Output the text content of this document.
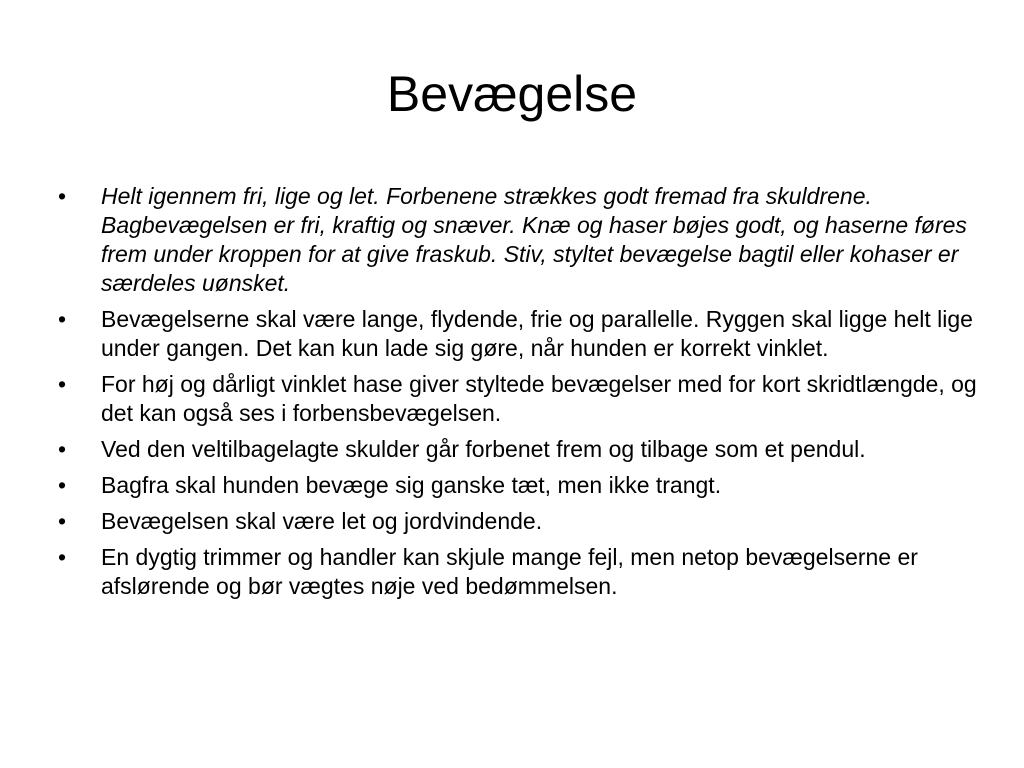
Bevægelse
•	Helt igennem fri, lige og let. Forbenene strækkes godt fremad fra skuldrene. Bagbevægelsen er fri, kraftig og snæver. Knæ og haser bøjes godt, og haserne føres frem under kroppen for at give fraskub. Stiv, styltet bevægelse bagtil eller kohaser er særdeles uønsket.
•	Bevægelserne skal være lange, flydende, frie og parallelle. Ryggen skal ligge helt lige under gangen. Det kan kun lade sig gøre, når hunden er korrekt vinklet.
•	For høj og dårligt vinklet hase giver styltede bevægelser med for kort skridtlængde, og det kan også ses i forbensbevægelsen.
•	Ved den veltilbagelagte skulder går forbenet frem og tilbage som et pendul.
•	Bagfra skal hunden bevæge sig ganske tæt, men ikke trangt.
•	Bevægelsen skal være let og jordvindende.
•	En dygtig trimmer og handler kan skjule mange fejl, men netop bevægelserne er afslørende og bør vægtes nøje ved bedømmelsen.
